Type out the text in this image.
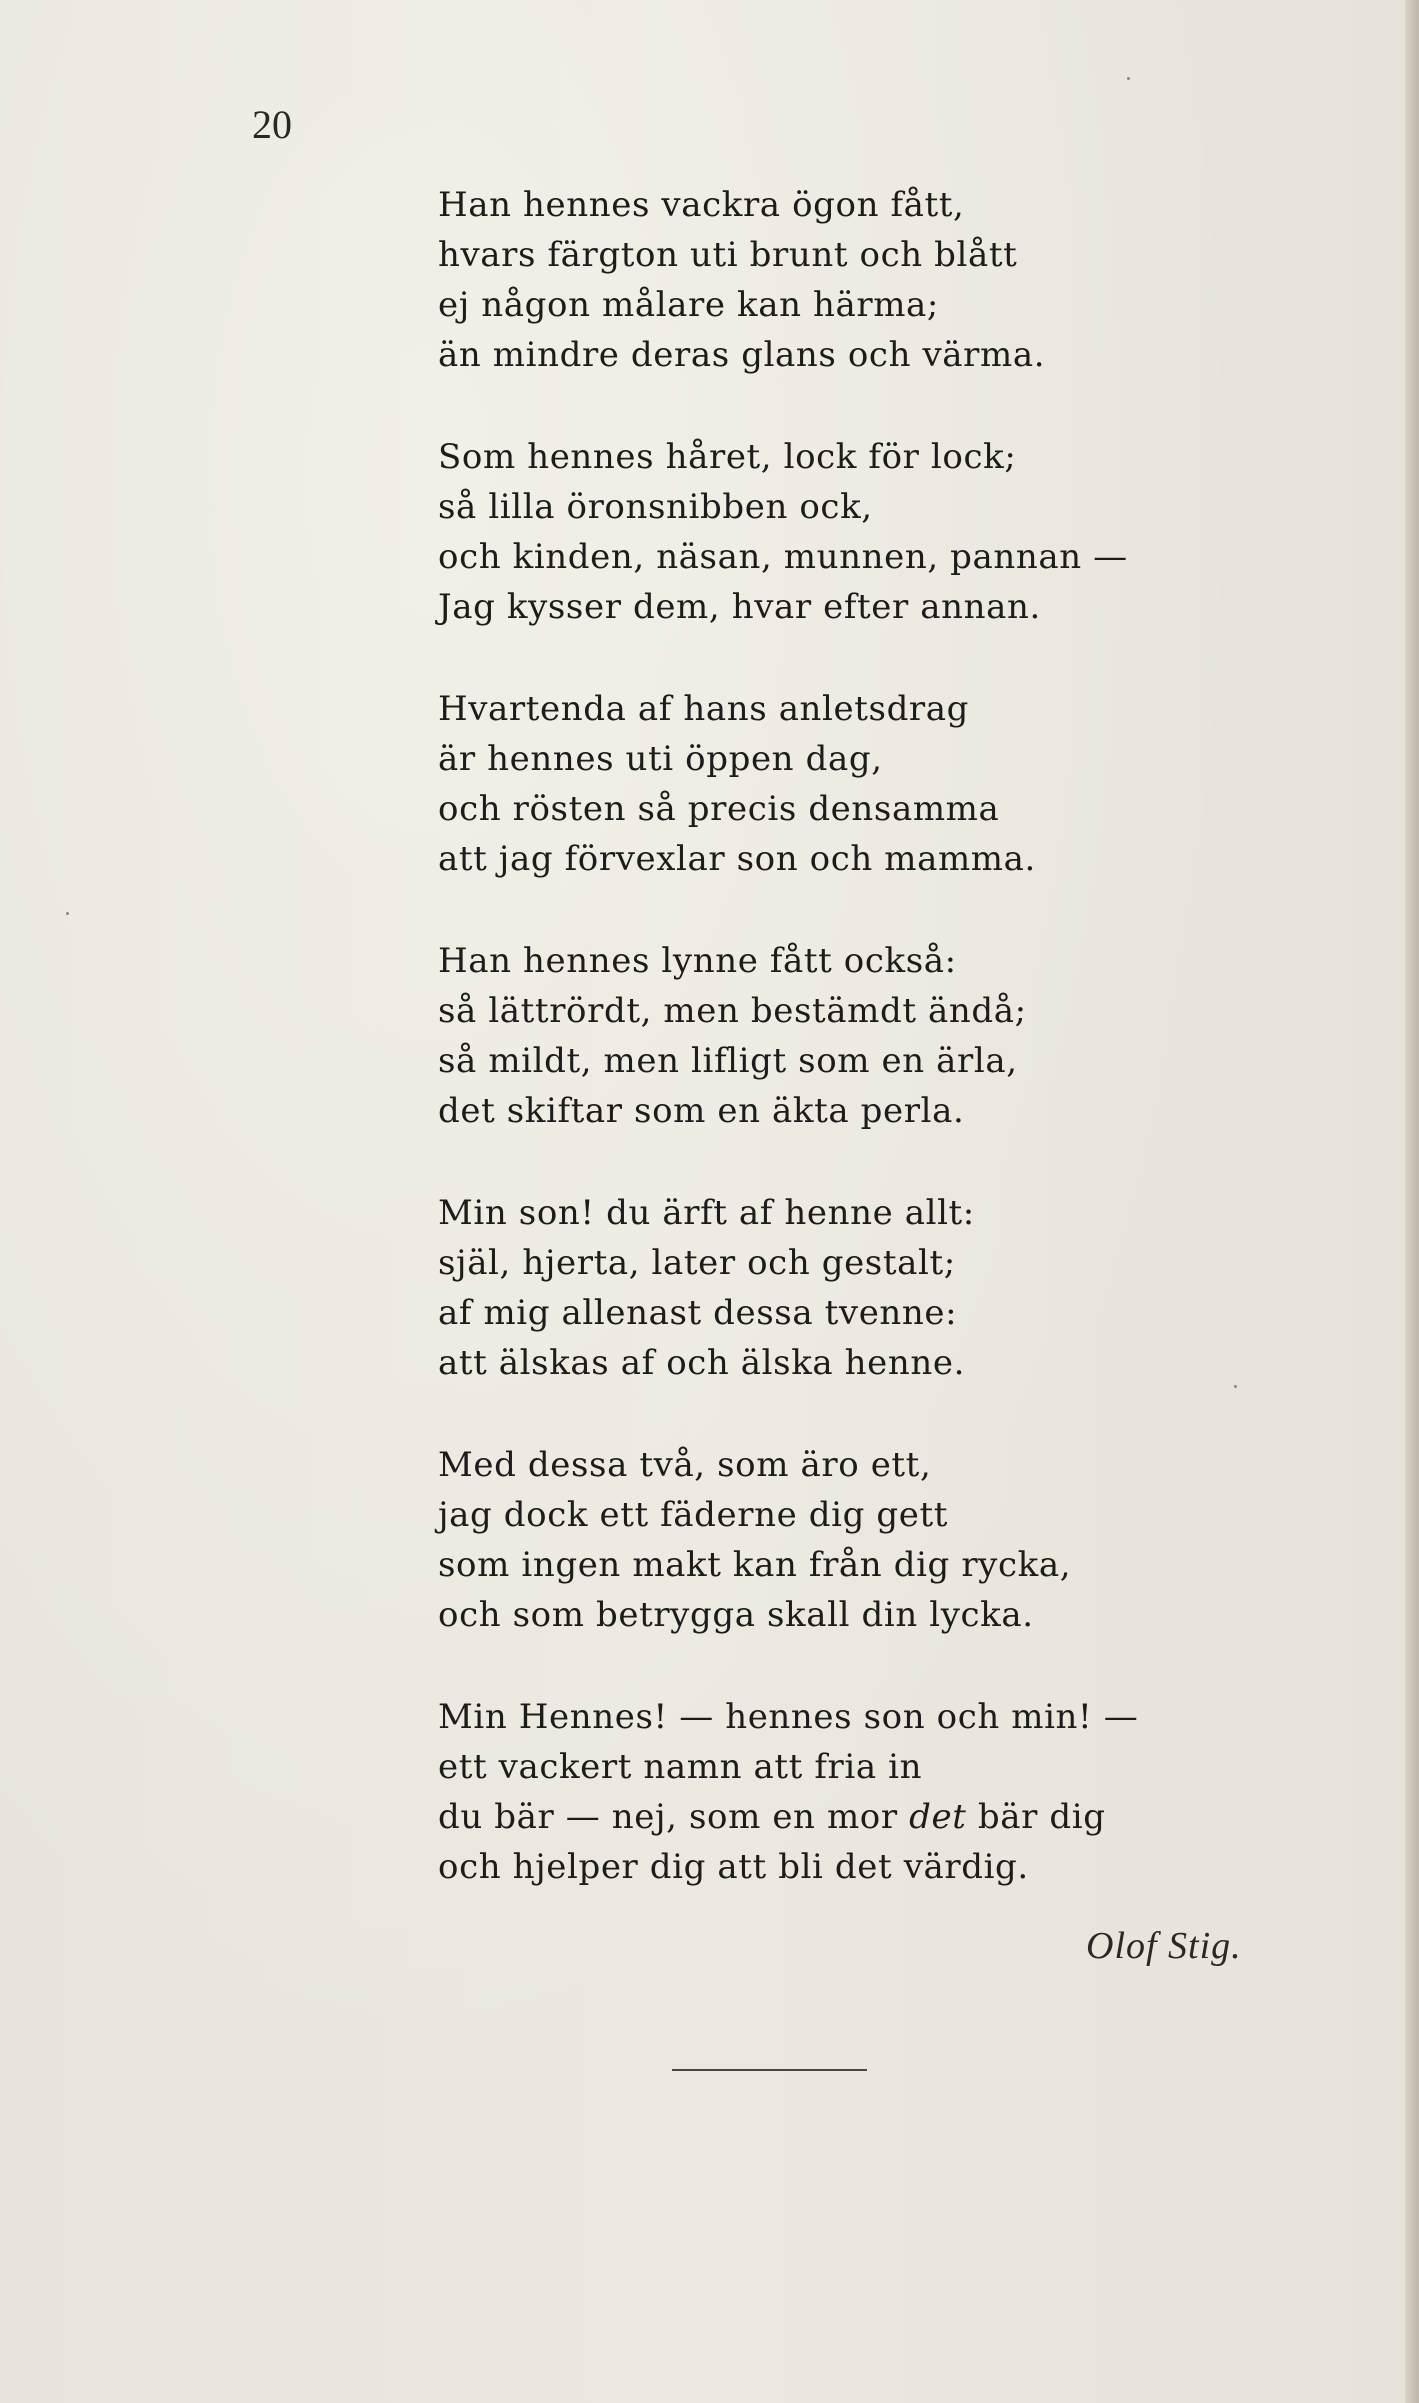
20
Han hennes vackra ögon fått,
hvars färgton uti brunt och blått
ej någon målare kan härma;
än mindre deras glans och värma.
Som hennes håret, lock för lock;
så lilla öronsnibben ock,
och kinden, näsan, munnen, pannan —
Jag kysser dem, hvar efter annan.
Hvartenda af hans anletsdrag
är hennes uti öppen dag,
och rösten så precis densamma
att jag förvexlar son och mamma.
Han hennes lynne fått också:
så lättrördt, men bestämdt ändå;
så mildt, men lifligt som en ärla,
det skiftar som en äkta perla.
Min son! du ärft af henne allt:
själ, hjerta, later och gestalt;
af mig allenast dessa tvenne:
att älskas af och älska henne.
Med dessa två, som äro ett,
jag dock ett fäderne dig gett
som ingen makt kan från dig rycka,
och som betrygga skall din lycka.
Min Hennes! — hennes son och min! —
ett vackert namn att fria in
du bär — nej, som en mor det bär dig
och hjelper dig att bli det värdig.
Olof Stig.
